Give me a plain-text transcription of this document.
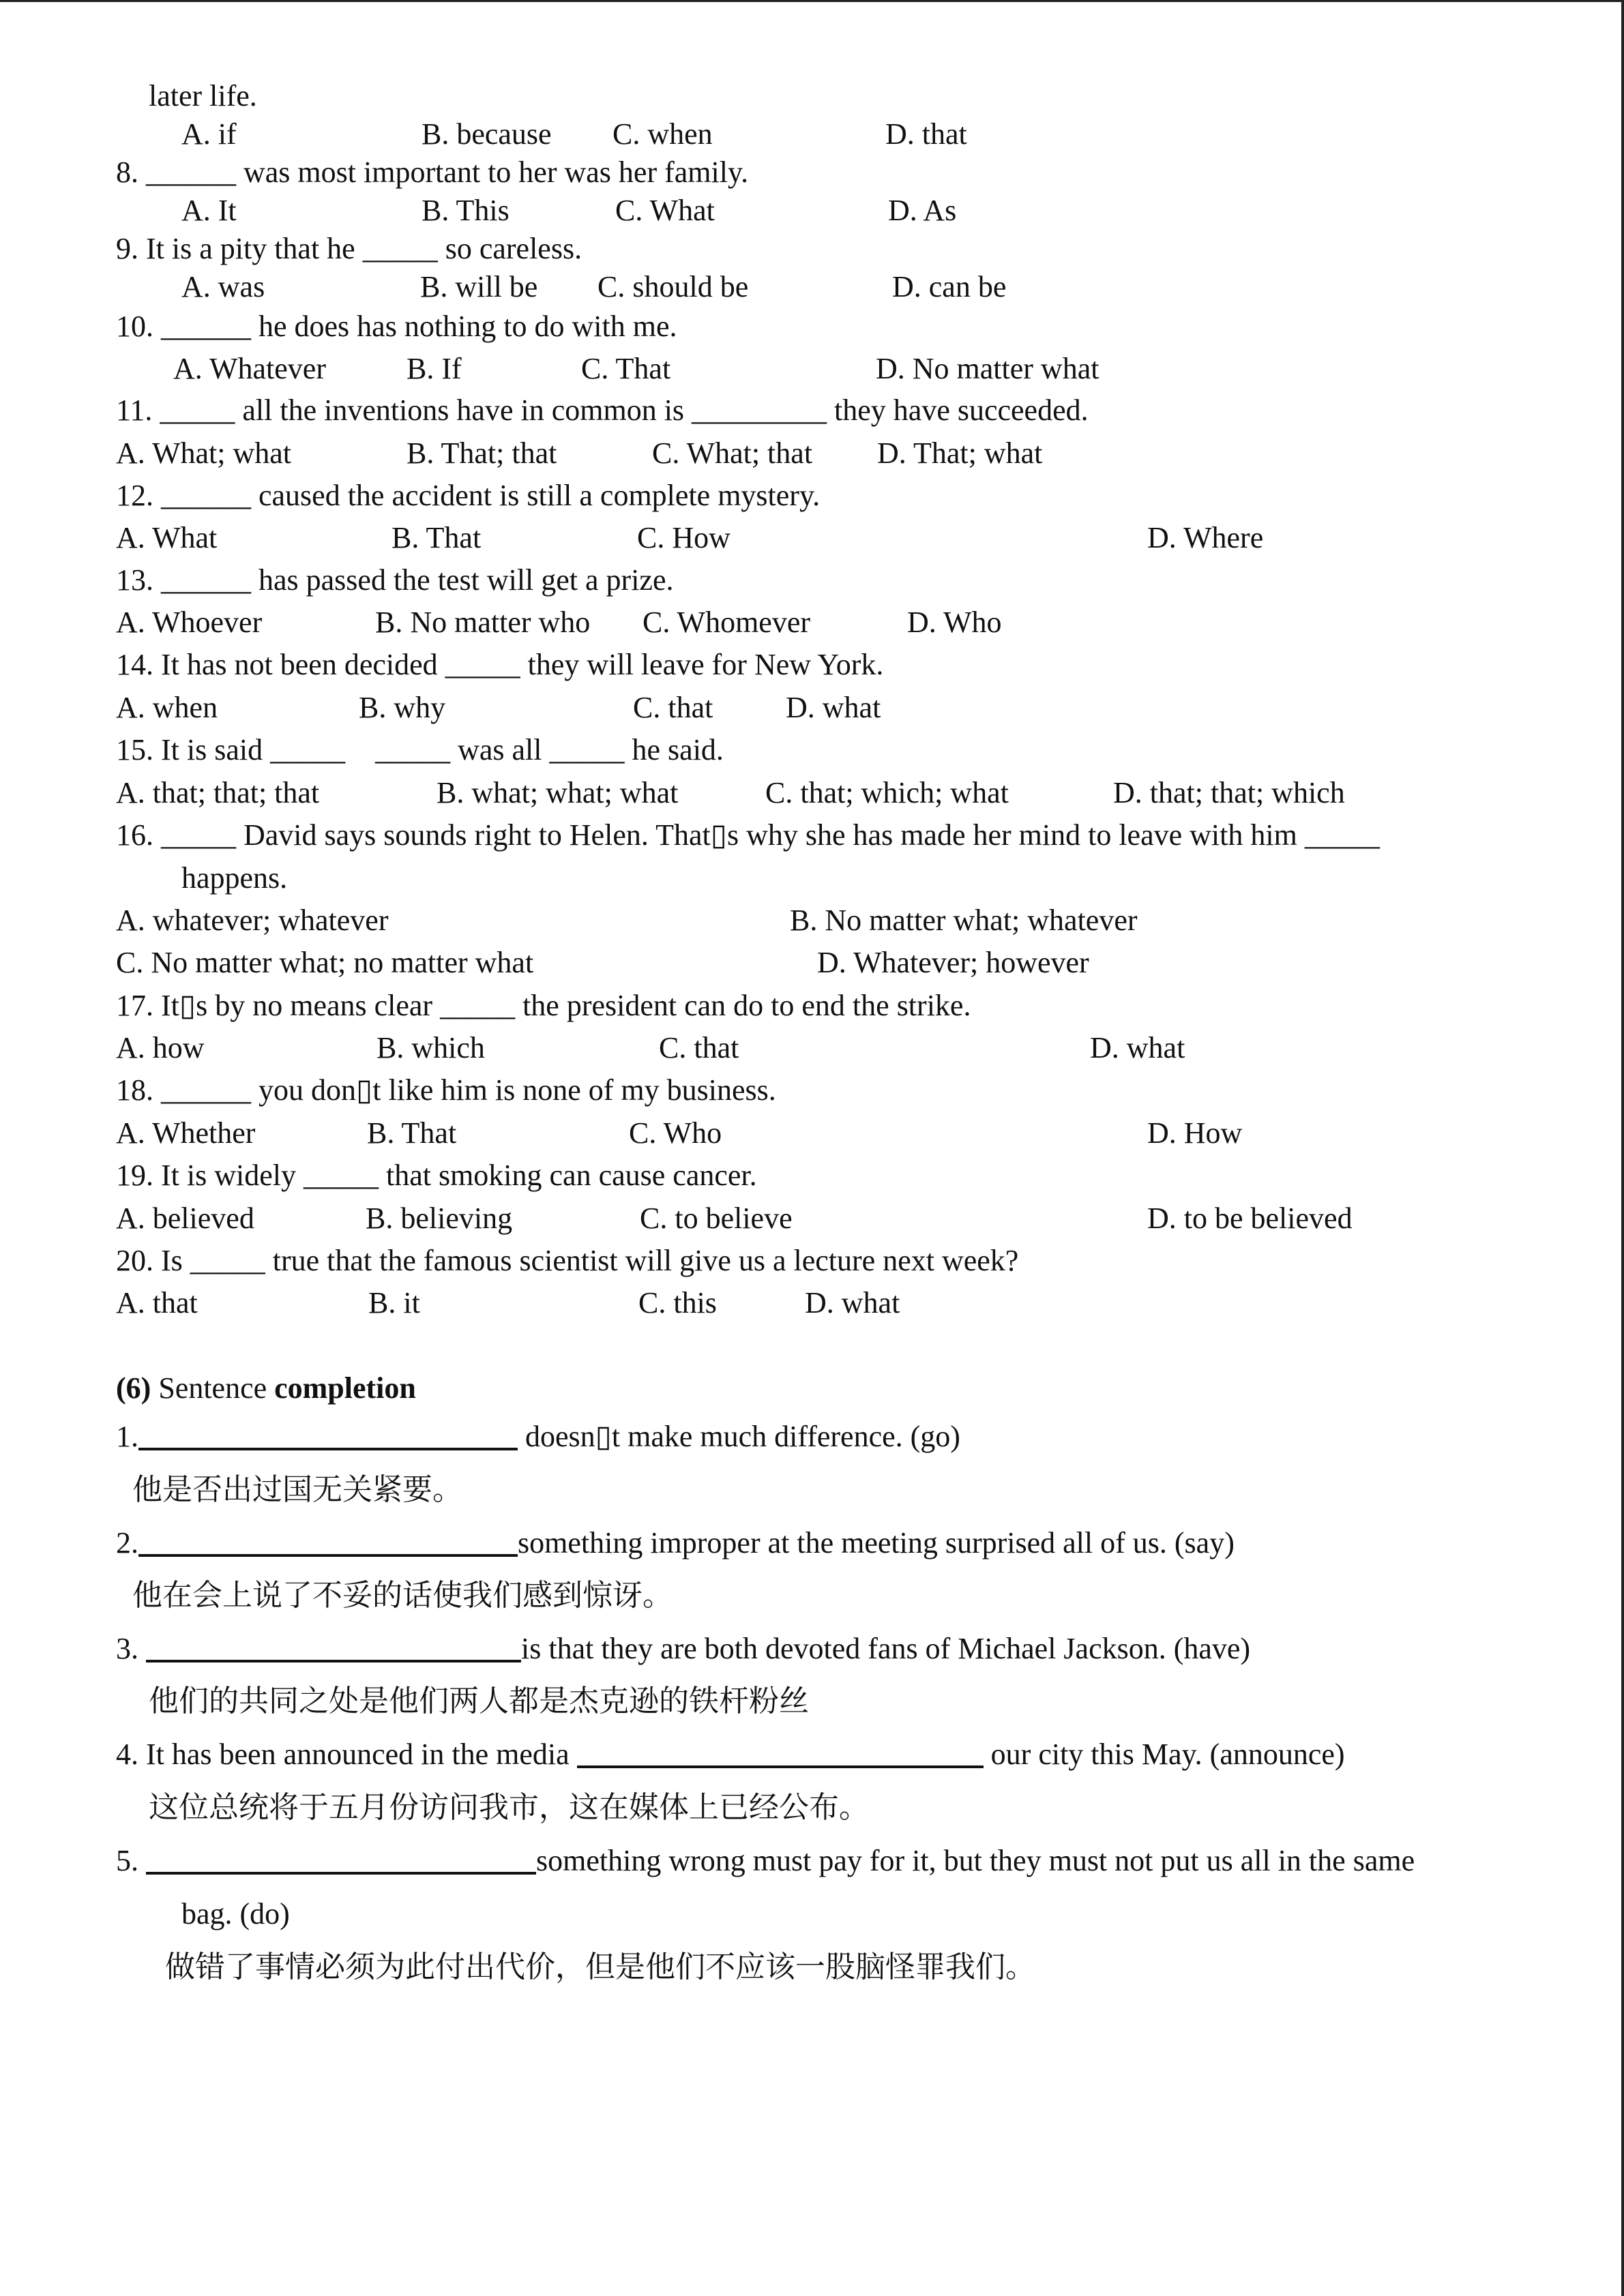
later life.
A. if	B. because C. when	D. that
8. ______ was most important to her was her family.
A. It	B. This	C. What	D. As
9. It is a pity that he _____ so careless.
A. was	B. will be C. should be	D. can be
10. ______ he does has nothing to do with me.
A. Whatever	B. If	C. That	D. No matter what
11. _____ all the inventions have in common is _________ they have succeeded.
A. What; what	B. That; that	C. What; that D. That; what
12. ______ caused the accident is still a complete mystery.
A. What	B. That	C. How	D. Where
13. ______ has passed the test will get a prize.
A. Whoever	B. No matter who C. Whomever	D. Who
14. It has not been decided _____ they will leave for New York.
A. when	B. why	C. that D. what
15. It is said _____    _____ was all _____ he said.
A. that; that; that	B. what; what; what	C. that; which; what	D. that; that; which
16. _____ David says sounds right to Helen. That▯s why she has made her mind to leave with him _____
happens.
A. whatever; whatever	B. No matter what; whatever
C. No matter what; no matter what	D. Whatever; however
17. It▯s by no means clear _____ the president can do to end the strike.
A. how	B. which	C. that	D. what
18. ______ you don▯t like him is none of my business.
A. Whether	B. That	C. Who	D. How
19. It is widely _____ that smoking can cause cancer.
A. believed	B. believing	C. to believe	D. to be believed
20. Is _____ true that the famous scientist will give us a lecture next week?
A. that	B. it	C. this	D. what
(6) Sentence completion
1.	doesn▯t make much difference. (go)
他是否出过国无关紧要。
2.	something improper at the meeting surprised all of us. (say)
他在会上说了不妥的话使我们感到惊讶。
3.	is that they are both devoted fans of Michael Jackson. (have)
他们的共同之处是他们两人都是杰克逊的铁杆粉丝
4. It has been announced in the media	our city this May. (announce)
这位总统将于五月份访问我市，这在媒体上已经公布。
5.	something wrong must pay for it, but they must not put us all in the same
bag. (do)
做错了事情必须为此付出代价，但是他们不应该一股脑怪罪我们。
